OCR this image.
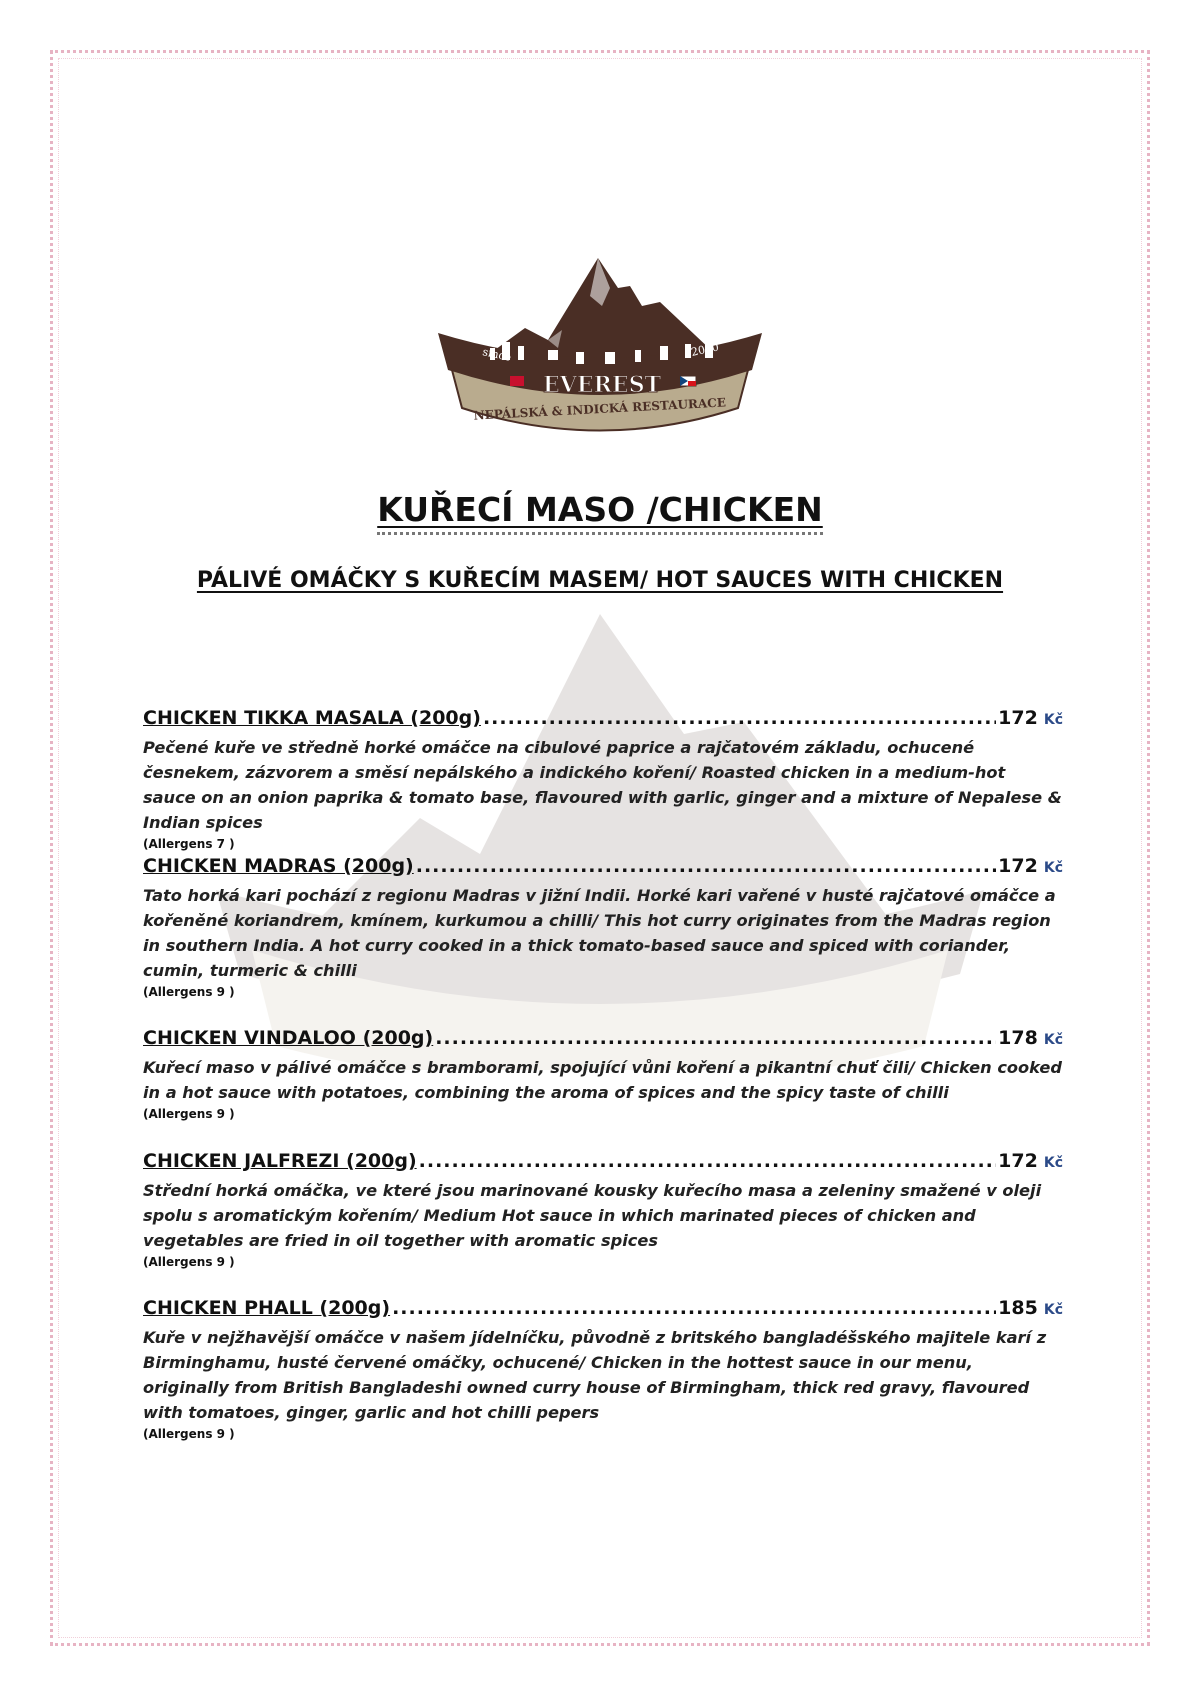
since	2010
EVEREST
NEPÁLSKÁ & INDICKÁ RESTAURACE
KUŘECÍ MASO /CHICKEN
PÁLIVÉ OMÁČKY S KUŘECÍM MASEM/ HOT SAUCES WITH CHICKEN
CHICKEN TIKKA MASALA (200g) .....	172 Kč
Pečené kuře ve středně horké omáčce na cibulové paprice a rajčatovém základu, ochucené česnekem, zázvorem a směsí nepálského a indického koření/ Roasted chicken in a medium-hot sauce on an onion paprika & tomato base, flavoured with garlic, ginger and a mixture of Nepalese & Indian spices
(Allergens 7 )
CHICKEN MADRAS (200g) .....	172 Kč
Tato horká kari pochází z regionu Madras v jižní Indii. Horké kari vařené v husté rajčatové omáčce a kořeněné koriandrem, kmínem, kurkumou a chilli/ This hot curry originates from the Madras region in southern India. A hot curry cooked in a thick tomato-based sauce and spiced with coriander, cumin, turmeric & chilli
(Allergens 9 )
CHICKEN VINDALOO (200g) .....	178 Kč
Kuřecí maso v pálivé omáčce s bramborami, spojující vůni koření a pikantní chuť čili/ Chicken cooked in a hot sauce with potatoes, combining the aroma of spices and the spicy taste of chilli
(Allergens 9 )
CHICKEN JALFREZI (200g) .....	172 Kč
Střední horká omáčka, ve které jsou marinované kousky kuřecího masa a zeleniny smažené v oleji spolu s aromatickým kořením/ Medium Hot sauce in which marinated pieces of chicken and vegetables are fried in oil together with aromatic spices
(Allergens 9 )
CHICKEN PHALL (200g) .....	185 Kč
Kuře v nejžhavější omáčce v našem jídelníčku, původně z britského bangladéšského majitele karí z Birminghamu, husté červené omáčky, ochucené/ Chicken in the hottest sauce in our menu, originally from British Bangladeshi owned curry house of Birmingham, thick red gravy, flavoured with tomatoes, ginger, garlic and hot chilli pepers
(Allergens 9 )
